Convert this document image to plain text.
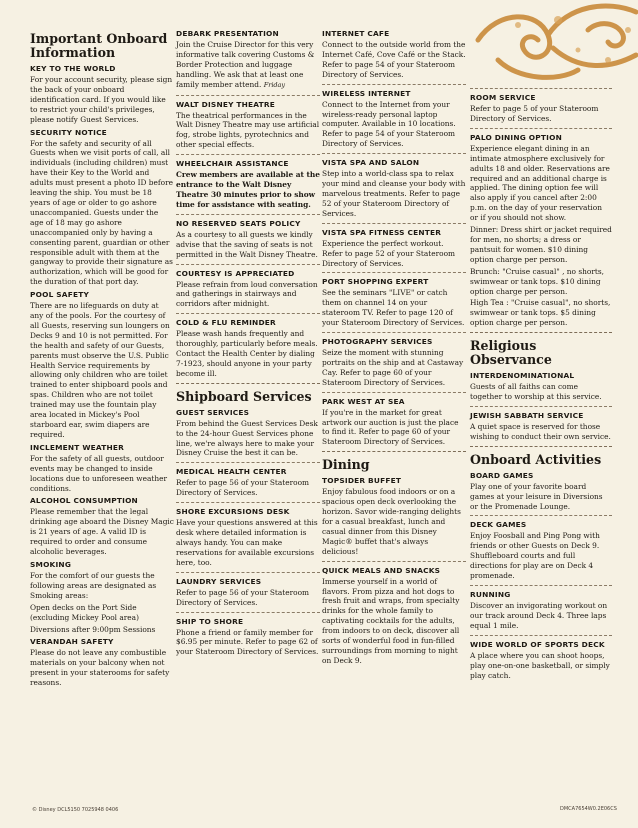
Important Onboard Information
KEY TO THE WORLD
For your account security, please sign the back of your onboard identification card. If you would like to restrict your child's privileges, please notify Guest Services.
SECURITY NOTICE
For the safety and security of all Guests when we visit ports of call, all individuals (including children) must have their Key to the World and adults must present a photo ID before leaving the ship. You must be 18 years of age or older to go ashore unaccompanied. Guests under the age of 18 may go ashore unaccompanied only by having a consenting parent, guardian or other responsible adult with them at the gangway to provide their signature as authorization, which will be good for the duration of that port day.
POOL SAFETY
There are no lifeguards on duty at any of the pools. For the courtesy of all Guests, reserving sun loungers on Decks 9 and 10 is not permitted. For the health and safety of our Guests, parents must observe the U.S. Public Health Service requirements by allowing only children who are toilet trained to enter shipboard pools and spas. Children who are not toilet trained may use the fountain play area located in Mickey's Pool starboard ear, swim diapers are required.
INCLEMENT WEATHER
For the safety of all guests, outdoor events may be changed to inside locations due to unforeseen weather conditions.
ALCOHOL CONSUMPTION
Please remember that the legal drinking age aboard the Disney Magic is 21 years of age. A valid ID is required to order and consume alcoholic beverages.
SMOKING
For the comfort of our guests the following areas are designated as Smoking areas:
Open decks on the Port Side (excluding Mickey Pool area)
Diversions after 9:00pm Sessions
VERANDAH SAFETY
Please do not leave any combustible materials on your balcony when not present in your staterooms for safety reasons.
DEBARK PRESENTATION
Join the Cruise Director for this very informative talk covering Customs & Border Protection and luggage handling. We ask that at least one family member attend. Friday
WALT DISNEY THEATRE
The theatrical performances in the Walt Disney Theatre may use artificial fog, strobe lights, pyrotechnics and other special effects.
WHEELCHAIR ASSISTANCE
Crew members are available at the entrance to the Walt Disney Theatre 30 minutes prior to show time for assistance with seating.
NO RESERVED SEATS POLICY
As a courtesy to all guests we kindly advise that the saving of seats is not permitted in the Walt Disney Theatre.
COURTESY IS APPRECIATED
Please refrain from loud conversation and gatherings in stairways and corridors after midnight.
COLD & FLU REMINDER
Please wash hands frequently and thoroughly, particularly before meals. Contact the Health Center by dialing 7-1923, should anyone in your party become ill.
Shipboard Services
GUEST SERVICES
From behind the Guest Services Desk to the 24-hour Guest Services phone line, we're always here to make your Disney Cruise the best it can be.
MEDICAL HEALTH CENTER
Refer to page 56 of your Stateroom Directory of Services.
SHORE EXCURSIONS DESK
Have your questions answered at this desk where detailed information is always handy. You can make reservations for available excursions here, too.
LAUNDRY SERVICES
Refer to page 56 of your Stateroom Directory of Services.
SHIP TO SHORE
Phone a friend or family member for $6.95 per minute. Refer to page 62 of your Stateroom Directory of Services.
INTERNET CAFE
Connect to the outside world from the Internet Café, Cove Café or the Stack. Refer to page 54 of your Stateroom Directory of Services.
WIRELESS INTERNET
Connect to the Internet from your wireless-ready personal laptop computer. Available in 10 locations. Refer to page 54 of your Stateroom Directory of Services.
VISTA SPA AND SALON
Step into a world-class spa to relax your mind and cleanse your body with marvelous treatments. Refer to page 52 of your Stateroom Directory of Services.
VISTA SPA FITNESS CENTER
Experience the perfect workout. Refer to page 52 of your Stateroom Directory of Services.
PORT SHOPPING EXPERT
See the seminars "LIVE" or catch them on channel 14 on your stateroom TV. Refer to page 120 of your Stateroom Directory of Services.
PHOTOGRAPHY SERVICES
Seize the moment with stunning portraits on the ship and at Castaway Cay. Refer to page 60 of your Stateroom Directory of Services.
PARK WEST AT SEA
If you're in the market for great artwork our auction is just the place to find it. Refer to page 60 of your Stateroom Directory of Services.
Dining
TOPSIDER BUFFET
Enjoy fabulous food indoors or on a spacious open deck overlooking the horizon. Savor wide-ranging delights for a casual breakfast, lunch and casual dinner from this Disney Magic® buffet that's always delicious!
QUICK MEALS AND SNACKS
Immerse yourself in a world of flavors. From pizza and hot dogs to fresh fruit and wraps, from specialty drinks for the whole family to captivating cocktails for the adults, from indoors to on deck, discover all sorts of wonderful food in fun-filled surroundings from morning to night on Deck 9.
ROOM SERVICE
Refer to page 5 of your Stateroom Directory of Services.
PALO DINING OPTION
Experience elegant dining in an intimate atmosphere exclusively for adults 18 and older. Reservations are required and an additional charge is applied. The dining option fee will also apply if you cancel after 2:00 p.m. on the day of your reservation or if you should not show.
Dinner: Dress shirt or jacket required for men, no shorts; a dress or pantsuit for women. $10 dining option charge per person.
Brunch: "Cruise casual" , no shorts, swimwear or tank tops. $10 dining option charge per person.
High Tea : "Cruise casual", no shorts, swimwear or tank tops. $5 dining option charge per person.
Religious Observance
INTERDENOMINATIONAL
Guests of all faiths can come together to worship at this service.
JEWISH SABBATH SERVICE
A quiet space is reserved for those wishing to conduct their own service.
Onboard Activities
BOARD GAMES
Play one of your favorite board games at your leisure in Diversions or the Promenade Lounge.
DECK GAMES
Enjoy Foosball and Ping Pong with friends or other Guests on Deck 9. Shuffleboard courts and full directions for play are on Deck 4 promenade.
RUNNING
Discover an invigorating workout on our track around Deck 4. Three laps equal 1 mile.
WIDE WORLD OF SPORTS DECK
A place where you can shoot hoops, play one-on-one basketball, or simply play catch.
© Disney DCL5150 7025948 0406	DMCA7654W0.2E06CS
